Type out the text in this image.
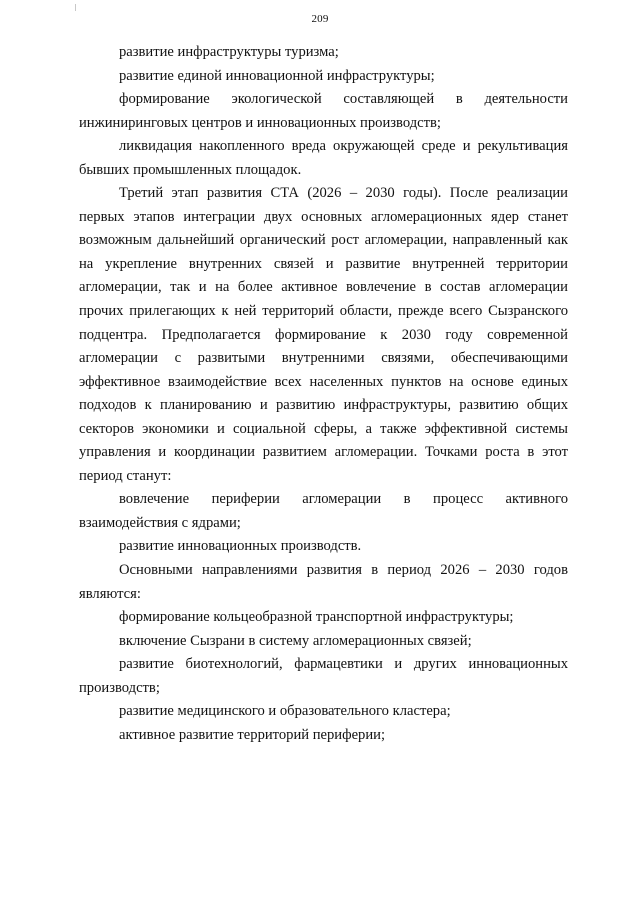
209

развитие инфраструктуры туризма;

развитие единой инновационной инфраструктуры;

формирование экологической составляющей в деятельности инжиниринговых центров и инновационных производств;

ликвидация накопленного вреда окружающей среде и рекультивация бывших промышленных площадок.

Третий этап развития СТА (2026 – 2030 годы). После реализации первых этапов интеграции двух основных агломерационных ядер станет возможным дальнейший органический рост агломерации, направленный как на укрепление внутренних связей и развитие внутренней территории агломерации, так и на более активное вовлечение в состав агломерации прочих прилегающих к ней территорий области, прежде всего Сызранского подцентра. Предполагается формирование к 2030 году современной агломерации с развитыми внутренними связями, обеспечивающими эффективное взаимодействие всех населенных пунктов на основе единых подходов к планированию и развитию инфраструктуры, развитию общих секторов экономики и социальной сферы, а также эффективной системы управления и координации развитием агломерации. Точками роста в этот период станут:

вовлечение периферии агломерации в процесс активного взаимодействия с ядрами;

развитие инновационных производств.

Основными направлениями развития в период 2026 – 2030 годов являются:

формирование кольцеобразной транспортной инфраструктуры;

включение Сызрани в систему агломерационных связей;

развитие биотехнологий, фармацевтики и других инновационных производств;

развитие медицинского и образовательного кластера;

активное развитие территорий периферии;
